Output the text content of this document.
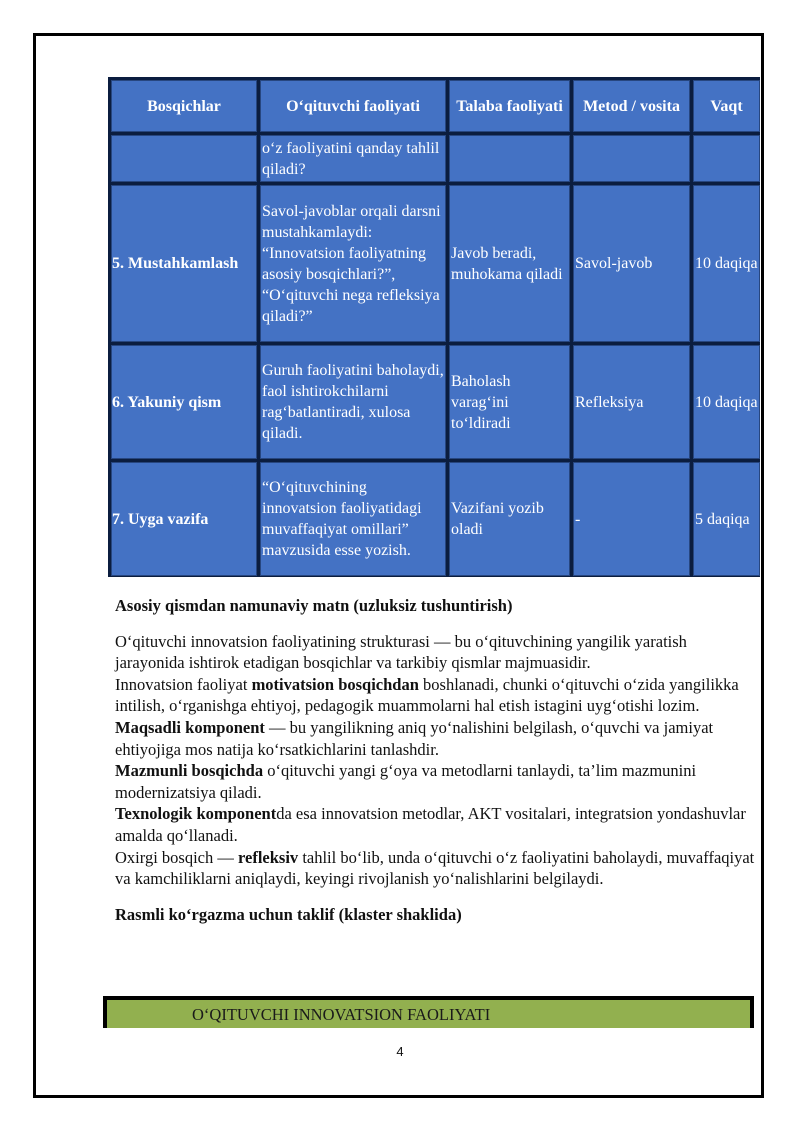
Bosqichlar	O‘qituvchi faoliyati	Talaba faoliyati	Metod / vosita	Vaqt
	o‘z faoliyatini qanday tahlil qiladi?			
5. Mustahkamlash	Savol-javoblar orqali darsni mustahkamlaydi: “Innovatsion faoliyatning asosiy bosqichlari?”, “O‘qituvchi nega refleksiya qiladi?”	Javob beradi, muhokama qiladi	Savol-javob	10 daqiqa
6. Yakuniy qism	Guruh faoliyatini baholaydi, faol ishtirokchilarni rag‘batlantiradi, xulosa qiladi.	Baholash varag‘ini to‘ldiradi	Refleksiya	10 daqiqa
7. Uyga vazifa	“O‘qituvchining innovatsion faoliyatidagi muvaffaqiyat omillari” mavzusida esse yozish.	Vazifani yozib oladi	-	5 daqiqa

Asosiy qismdan namunaviy matn (uzluksiz tushuntirish)

O‘qituvchi innovatsion faoliyatining strukturasi — bu o‘qituvchining yangilik yaratish jarayonida ishtirok etadigan bosqichlar va tarkibiy qismlar majmuasidir.

Innovatsion faoliyat motivatsion bosqichdan boshlanadi, chunki o‘qituvchi o‘zida yangilikka intilish, o‘rganishga ehtiyoj, pedagogik muammolarni hal etish istagini uyg‘otishi lozim.

Maqsadli komponent — bu yangilikning aniq yo‘nalishini belgilash, o‘quvchi va jamiyat ehtiyojiga mos natija ko‘rsatkichlarini tanlashdir.

Mazmunli bosqichda o‘qituvchi yangi g‘oya va metodlarni tanlaydi, ta’lim mazmunini modernizatsiya qiladi.

Texnologik komponentda esa innovatsion metodlar, AKT vositalari, integratsion yondashuvlar amalda qo‘llanadi.

Oxirgi bosqich — refleksiv tahlil bo‘lib, unda o‘qituvchi o‘z faoliyatini baholaydi, muvaffaqiyat va kamchiliklarni aniqlaydi, keyingi rivojlanish yo‘nalishlarini belgilaydi.

Rasmli ko‘rgazma uchun taklif (klaster shaklida)

O‘QITUVCHI INNOVATSION FAOLIYATI
4
